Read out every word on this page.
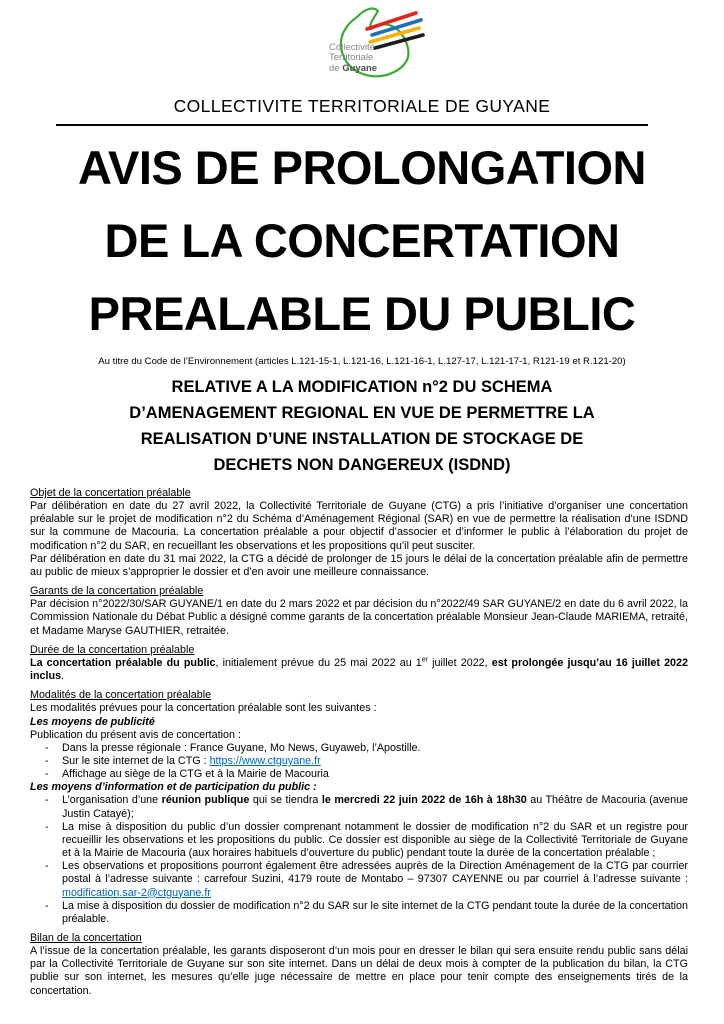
Collectivité
Territoriale
de Guyane
COLLECTIVITE TERRITORIALE DE GUYANE
AVIS DE PROLONGATION
DE LA CONCERTATION
PREALABLE DU PUBLIC
Au titre du Code de l’Environnement (articles L.121-15-1, L.121-16, L.121-16-1, L.127-17, L.121-17-1, R121-19 et R.121-20)
RELATIVE A LA MODIFICATION n°2 DU SCHEMA
D’AMENAGEMENT REGIONAL EN VUE DE PERMETTRE LA
REALISATION D’UNE INSTALLATION DE STOCKAGE DE
DECHETS NON DANGEREUX (ISDND)

Objet de la concertation préalable

Par délibération en date du 27 avril 2022, la Collectivité Territoriale de Guyane (CTG) a pris l’initiative d’organiser une concertation préalable sur le projet de modification n°2 du Schéma d’Aménagement Régional (SAR) en vue de permettre la réalisation d’une ISDND sur la commune de Macouria. La concertation préalable a pour objectif d’associer et d’informer le public à l’élaboration du projet de modification n°2 du SAR, en recueillant les observations et les propositions qu’il peut susciter.

Par délibération en date du 31 mai 2022, la CTG a décidé de prolonger de 15 jours le délai de la concertation préalable afin de permettre au public de mieux s’approprier le dossier et d’en avoir une meilleure connaissance.

Garants de la concertation préalable

Par décision n°2022/30/SAR GUYANE/1 en date du 2 mars 2022 et par décision du n°2022/49 SAR GUYANE/2 en date du 6 avril 2022, la Commission Nationale du Débat Public a désigné comme garants de la concertation préalable Monsieur Jean-Claude MARIEMA, retraité, et Madame Maryse GAUTHIER, retraitée.

Durée de la concertation préalable

La concertation préalable du public, initialement prévue du 25 mai 2022 au 1er juillet 2022, est prolongée jusqu’au 16 juillet 2022 inclus.

Modalités de la concertation préalable

Les modalités prévues pour la concertation préalable sont les suivantes :

Les moyens de publicité

Publication du présent avis de concertation :

- Dans la presse régionale : France Guyane, Mo News, Guyaweb, l’Apostille.

- Sur le site internet de la CTG : https://www.ctguyane.fr

- Affichage au siège de la CTG et à la Mairie de Macouria

Les moyens d’information et de participation du public :

- L’organisation d’une réunion publique qui se tiendra le mercredi 22 juin 2022 de 16h à 18h30 au Théâtre de Macouria (avenue Justin Catayé);

- La mise à disposition du public d’un dossier comprenant notamment le dossier de modification n°2 du SAR et un registre pour recueillir les observations et les propositions du public. Ce dossier est disponible au siège de la Collectivité Territoriale de Guyane et à la Mairie de Macouria (aux horaires habituels d’ouverture du public) pendant toute la durée de la concertation préalable ;

- Les observations et propositions pourront également être adressées auprès de la Direction Aménagement de la CTG par courrier postal à l’adresse suivante : carrefour Suzini, 4179 route de Montabo – 97307 CAYENNE ou par courriel à l’adresse suivante : modification.sar-2@ctguyane.fr

- La mise à disposition du dossier de modification n°2 du SAR sur le site internet de la CTG pendant toute la durée de la concertation préalable.

Bilan de la concertation

A l’issue de la concertation préalable, les garants disposeront d’un mois pour en dresser le bilan qui sera ensuite rendu public sans délai par la Collectivité Territoriale de Guyane sur son site internet. Dans un délai de deux mois à compter de la publication du bilan, la CTG publie sur son internet, les mesures qu’elle juge nécessaire de mettre en place pour tenir compte des enseignements tirés de la concertation.
